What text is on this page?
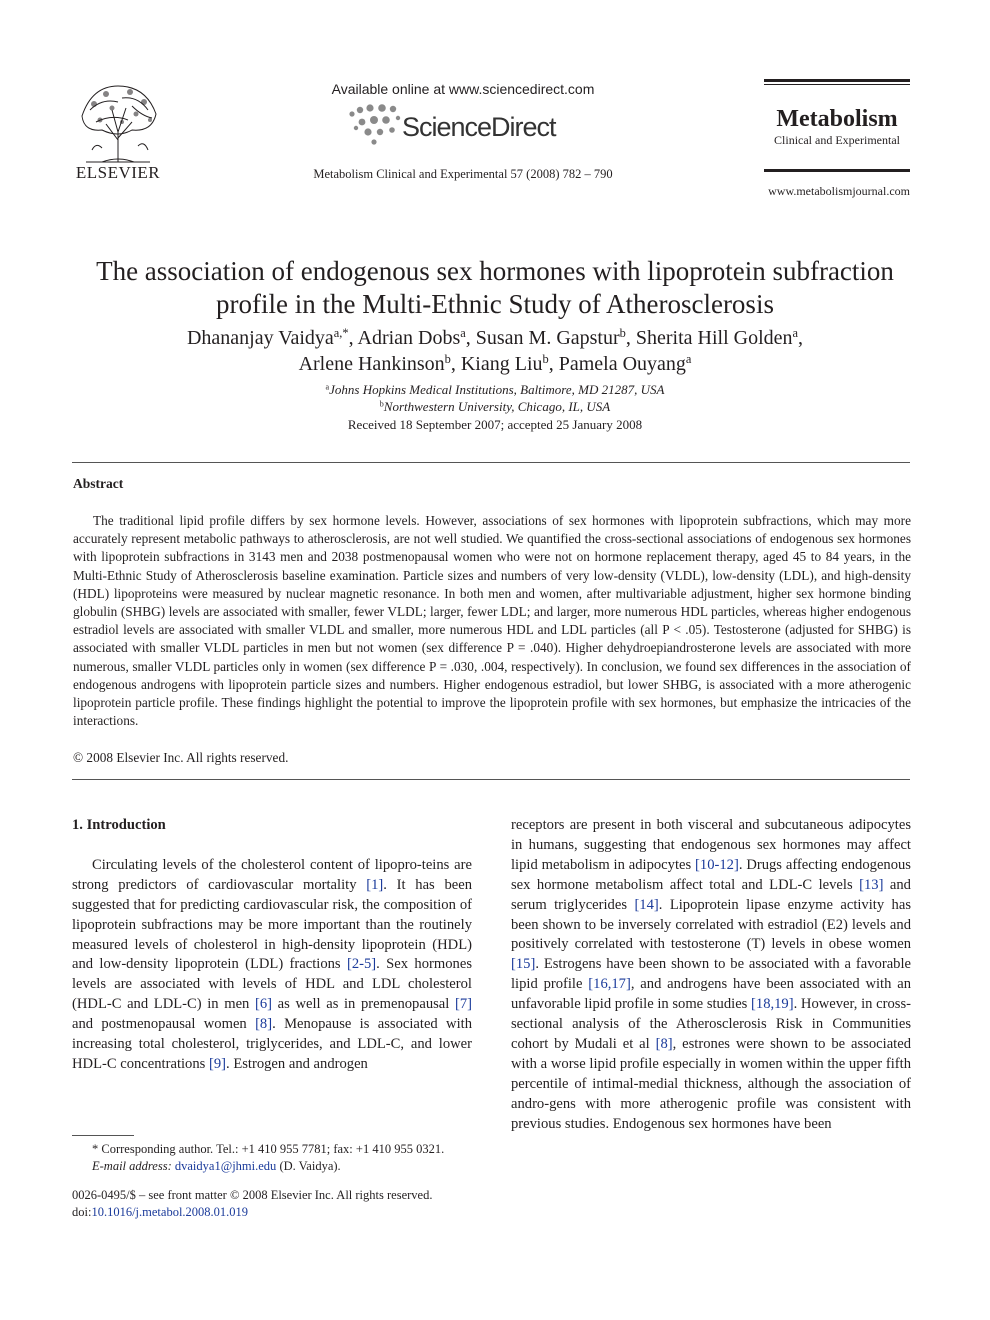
ELSEVIER
Available online at www.sciencedirect.com
ScienceDirect
Metabolism Clinical and Experimental 57 (2008) 782 – 790
Metabolism
Clinical and Experimental
www.metabolismjournal.com
The association of endogenous sex hormones with lipoprotein subfraction
profile in the Multi-Ethnic Study of Atherosclerosis
Dhananjay Vaidya$^{a,*}$, Adrian Dobs$^a$, Susan M. Gapstur$^b$, Sherita Hill Golden$^a$,
Arlene Hankinson$^b$, Kiang Liu$^b$, Pamela Ouyang$^a$
$^a$Johns Hopkins Medical Institutions, Baltimore, MD 21287, USA
$^b$Northwestern University, Chicago, IL, USA
Received 18 September 2007; accepted 25 January 2008
Abstract

The traditional lipid profile differs by sex hormone levels. However, associations of sex hormones with lipoprotein subfractions, which may more accurately represent metabolic pathways to atherosclerosis, are not well studied. We quantified the cross-sectional associations of endogenous sex hormones with lipoprotein subfractions in 3143 men and 2038 postmenopausal women who were not on hormone replacement therapy, aged 45 to 84 years, in the Multi-Ethnic Study of Atherosclerosis baseline examination. Particle sizes and numbers of very low-density (VLDL), low-density (LDL), and high-density (HDL) lipoproteins were measured by nuclear magnetic resonance. In both men and women, after multivariable adjustment, higher sex hormone binding globulin (SHBG) levels are associated with smaller, fewer VLDL; larger, fewer LDL; and larger, more numerous HDL particles, whereas higher endogenous estradiol levels are associated with smaller VLDL and smaller, more numerous HDL and LDL particles (all P < .05). Testosterone (adjusted for SHBG) is associated with smaller VLDL particles in men but not women (sex difference P = .040). Higher dehydroepiandrosterone levels are associated with more numerous, smaller VLDL particles only in women (sex difference P = .030, .004, respectively). In conclusion, we found sex differences in the association of endogenous androgens with lipoprotein particle sizes and numbers. Higher endogenous estradiol, but lower SHBG, is associated with a more atherogenic lipoprotein particle profile. These findings highlight the potential to improve the lipoprotein profile with sex hormones, but emphasize the intricacies of the interactions.

© 2008 Elsevier Inc. All rights reserved.

1. Introduction

Circulating levels of the cholesterol content of lipopro-teins are strong predictors of cardiovascular mortality [1]. It has been suggested that for predicting cardiovascular risk, the composition of lipoprotein subfractions may be more important than the routinely measured levels of cholesterol in high-density lipoprotein (HDL) and low-density lipoprotein (LDL) fractions [2-5]. Sex hormones levels are associated with levels of HDL and LDL cholesterol (HDL-C and LDL-C) in men [6] as well as in premenopausal [7] and postmenopausal women [8]. Menopause is associated with increasing total cholesterol, triglycerides, and LDL-C, and lower HDL-C concentrations [9]. Estrogen and androgen

receptors are present in both visceral and subcutaneous adipocytes in humans, suggesting that endogenous sex hormones may affect lipid metabolism in adipocytes [10-12]. Drugs affecting endogenous sex hormone metabolism affect total and LDL-C levels [13] and serum triglycerides [14]. Lipoprotein lipase enzyme activity has been shown to be inversely correlated with estradiol (E2) levels and positively correlated with testosterone (T) levels in obese women [15]. Estrogens have been shown to be associated with a favorable lipid profile [16,17], and androgens have been associated with an unfavorable lipid profile in some studies [18,19]. However, in cross-sectional analysis of the Atherosclerosis Risk in Communities cohort by Mudali et al [8], estrones were shown to be associated with a worse lipid profile especially in women within the upper fifth percentile of intimal-medial thickness, although the association of andro-gens with more atherogenic profile was consistent with previous studies. Endogenous sex hormones have been

* Corresponding author. Tel.: +1 410 955 7781; fax: +1 410 955 0321.
E-mail address: dvaidya1@jhmi.edu (D. Vaidya).
0026-0495/$ – see front matter © 2008 Elsevier Inc. All rights reserved.
doi:10.1016/j.metabol.2008.01.019
